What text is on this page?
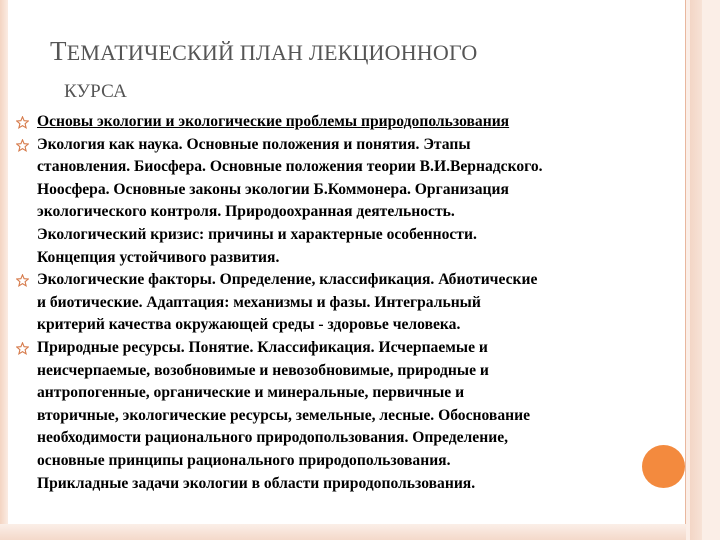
ТЕМАТИЧЕСКИЙ ПЛАН ЛЕКЦИОННОГО
КУРСА
Основы экологии и экологические проблемы природопользования
Экология как наука. Основные положения и понятия. Этапы
становления. Биосфера. Основные положения теории В.И.Вернадского.
Ноосфера. Основные законы экологии Б.Коммонера. Организация
экологического контроля. Природоохранная деятельность.
Экологический кризис: причины и характерные особенности.
Концепция устойчивого развития.
Экологические факторы. Определение, классификация. Абиотические
и биотические. Адаптация: механизмы и фазы. Интегральный
критерий качества окружающей среды - здоровье человека.
Природные ресурсы. Понятие. Классификация. Исчерпаемые и
неисчерпаемые, возобновимые и невозобновимые, природные и
антропогенные, органические и минеральные, первичные и
вторичные, экологические ресурсы, земельные, лесные. Обоснование
необходимости рационального природопользования. Определение,
основные принципы рационального природопользования.
Прикладные задачи экологии в области природопользования.
